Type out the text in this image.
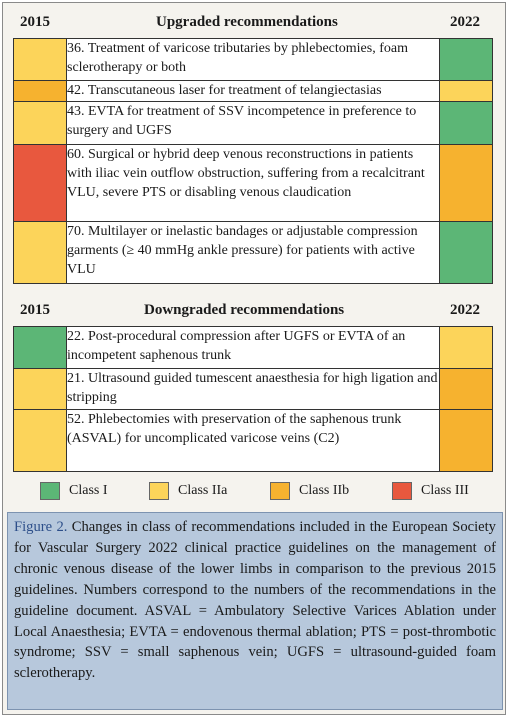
2015	Upgraded recommendations	2022
	36. Treatment of varicose tributaries by phlebectomies, foam sclerotherapy or both	
	42. Transcutaneous laser for treatment of telangiectasias	
	43. EVTA for treatment of SSV incompetence in preference to surgery and UGFS	
	60. Surgical or hybrid deep venous reconstructions in patients with iliac vein outflow obstruction, suffering from a recalcitrant VLU, severe PTS or disabling venous claudication	
	70. Multilayer or inelastic bandages or adjustable compression garments (≥ 40 mmHg ankle pressure) for patients with active VLU	
2015	Downgraded recommendations	2022
	22. Post-procedural compression after UGFS or EVTA of an incompetent saphenous trunk	
	21. Ultrasound guided tumescent anaesthesia for high ligation and stripping	
	52. Phlebectomies with preservation of the saphenous trunk (ASVAL) for uncomplicated varicose veins (C2)	
Class I	Class IIa	Class IIb	Class III
Figure 2. Changes in class of recommendations included in the European Society for Vascular Surgery 2022 clinical practice guidelines on the management of chronic venous disease of the lower limbs in comparison to the previous 2015 guidelines. Numbers correspond to the numbers of the recommendations in the guideline document. ASVAL = Ambulatory Selective Varices Ablation under Local Anaesthesia; EVTA = endovenous thermal ablation; PTS = post-thrombotic syndrome; SSV = small saphenous vein; UGFS = ultrasound-guided foam sclerotherapy.
